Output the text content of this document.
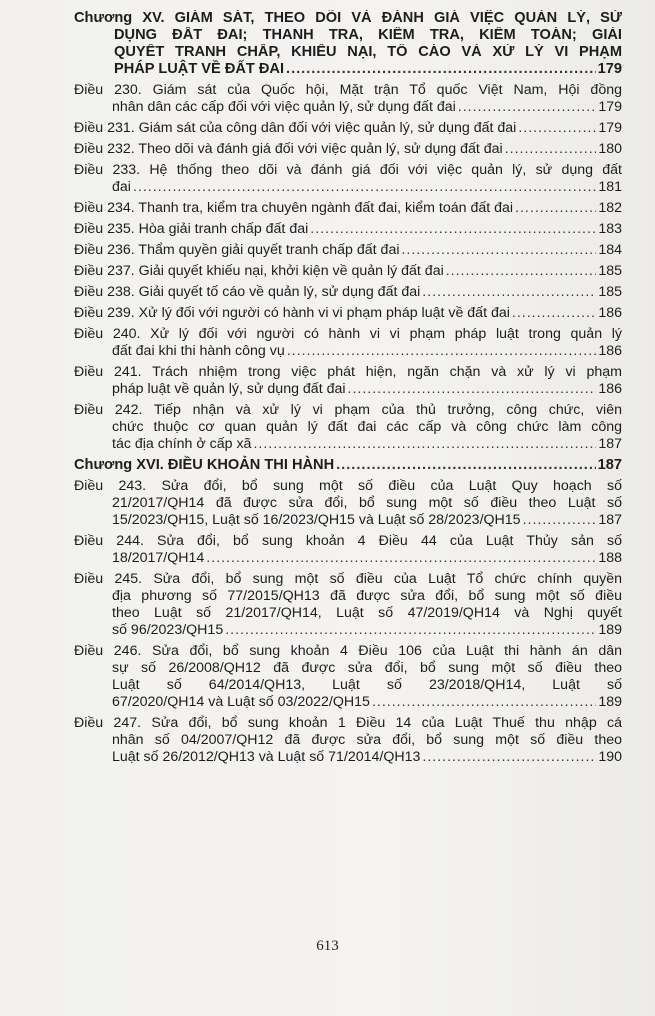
Chương XV. GIÁM SÁT, THEO DÕI VÀ ĐÁNH GIÁ VIỆC QUẢN LÝ, SỬ
DỤNG ĐẤT ĐAI; THANH TRA, KIỂM TRA, KIỂM TOÁN; GIẢI
QUYẾT TRANH CHẤP, KHIẾU NẠI, TỐ CÁO VÀ XỬ LÝ VI PHẠM
PHÁP LUẬT VỀ ĐẤT ĐAI .....	179
Điều 230. Giám sát của Quốc hội, Mặt trận Tổ quốc Việt Nam, Hội đồng
nhân dân các cấp đối với việc quản lý, sử dụng đất đai .....	179
Điều 231. Giám sát của công dân đối với việc quản lý, sử dụng đất đai .....	179
Điều 232. Theo dõi và đánh giá đối với việc quản lý, sử dụng đất đai .....	180
Điều 233. Hệ thống theo dõi và đánh giá đối với việc quản lý, sử dụng đất
đai .....	181
Điều 234. Thanh tra, kiểm tra chuyên ngành đất đai, kiểm toán đất đai .....	182
Điều 235. Hòa giải tranh chấp đất đai .....	183
Điều 236. Thẩm quyền giải quyết tranh chấp đất đai .....	184
Điều 237. Giải quyết khiếu nại, khởi kiện về quản lý đất đai .....	185
Điều 238. Giải quyết tố cáo về quản lý, sử dụng đất đai .....	185
Điều 239. Xử lý đối với người có hành vi vi phạm pháp luật về đất đai .....	186
Điều 240. Xử lý đối với người có hành vi vi phạm pháp luật trong quản lý
đất đai khi thi hành công vụ .....	186
Điều 241. Trách nhiệm trong việc phát hiện, ngăn chặn và xử lý vi phạm
pháp luật về quản lý, sử dụng đất đai .....	186
Điều 242. Tiếp nhận và xử lý vi phạm của thủ trưởng, công chức, viên
chức thuộc cơ quan quản lý đất đai các cấp và công chức làm công
tác địa chính ở cấp xã .....	187
Chương XVI. ĐIỀU KHOẢN THI HÀNH .....	187
Điều 243. Sửa đổi, bổ sung một số điều của Luật Quy hoạch số
21/2017/QH14 đã được sửa đổi, bổ sung một số điều theo Luật số
15/2023/QH15, Luật số 16/2023/QH15 và Luật số 28/2023/QH15 .....	187
Điều 244. Sửa đổi, bổ sung khoản 4 Điều 44 của Luật Thủy sản số
18/2017/QH14 .....	188
Điều 245. Sửa đổi, bổ sung một số điều của Luật Tổ chức chính quyền
địa phương số 77/2015/QH13 đã được sửa đổi, bổ sung một số điều
theo Luật số 21/2017/QH14, Luật số 47/2019/QH14 và Nghị quyết
số 96/2023/QH15 .....	189
Điều 246. Sửa đổi, bổ sung khoản 4 Điều 106 của Luật thi hành án dân
sự số 26/2008/QH12 đã được sửa đổi, bổ sung một số điều theo
Luật số 64/2014/QH13, Luật số 23/2018/QH14, Luật số
67/2020/QH14 và Luật số 03/2022/QH15 .....	189
Điều 247. Sửa đổi, bổ sung khoản 1 Điều 14 của Luật Thuế thu nhập cá
nhân số 04/2007/QH12 đã được sửa đổi, bổ sung một số điều theo
Luật số 26/2012/QH13 và Luật số 71/2014/QH13 .....	190
613
